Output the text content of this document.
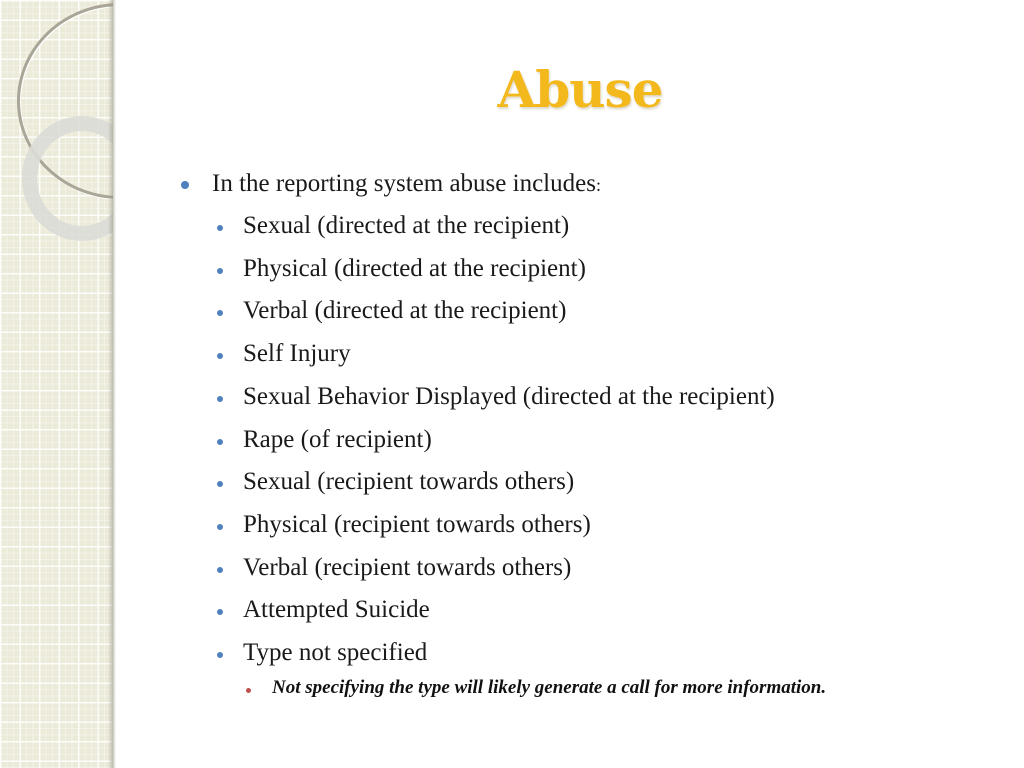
Abuse
In the reporting system abuse includes:
Sexual (directed at the recipient)
Physical (directed at the recipient)
Verbal (directed at the recipient)
Self Injury
Sexual Behavior Displayed (directed at the recipient)
Rape (of recipient)
Sexual (recipient towards others)
Physical (recipient towards others)
Verbal (recipient towards others)
Attempted Suicide
Type not specified
Not specifying the type will likely generate a call for more information.
